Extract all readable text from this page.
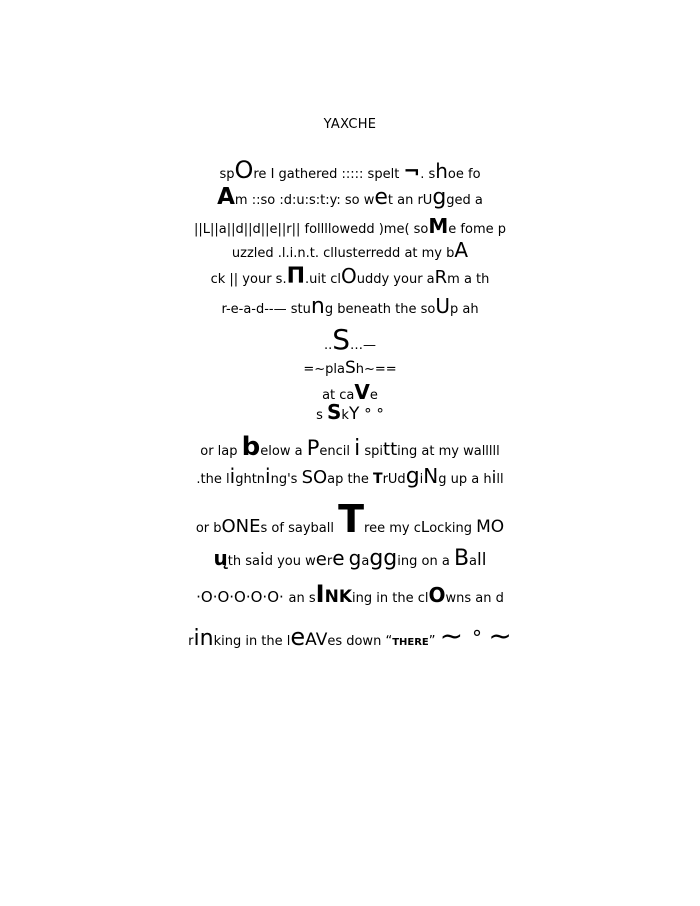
YAXCHE
spOre I gathered ::::: spelt ¬. shoe fo
Am ::so :d:u:s:t:y: so wet an rUgged a
||L||a||d||d||e||r|| follllowedd )me( soMe fome p
uzzled .l.i.n.t. cllusterredd at my bA
ck || your s.Π.uit clOuddy your aRm a th
r-e-a-d--— stung beneath the soUp ah
..S…—
=~plaSh~==
at caVe
s SkY ° °
or lap below a Pencil i spitting at my walllll
.the lightning's SOap the TrUdgiNg up a hill
or bONEs of sayball Tree my cLocking MO
ųth said you were gagging on a Ball
·O·O·O·O·O· an sINKing in the clOwns an d
rinking in the leAVes down “THERE” ~ ° ~
